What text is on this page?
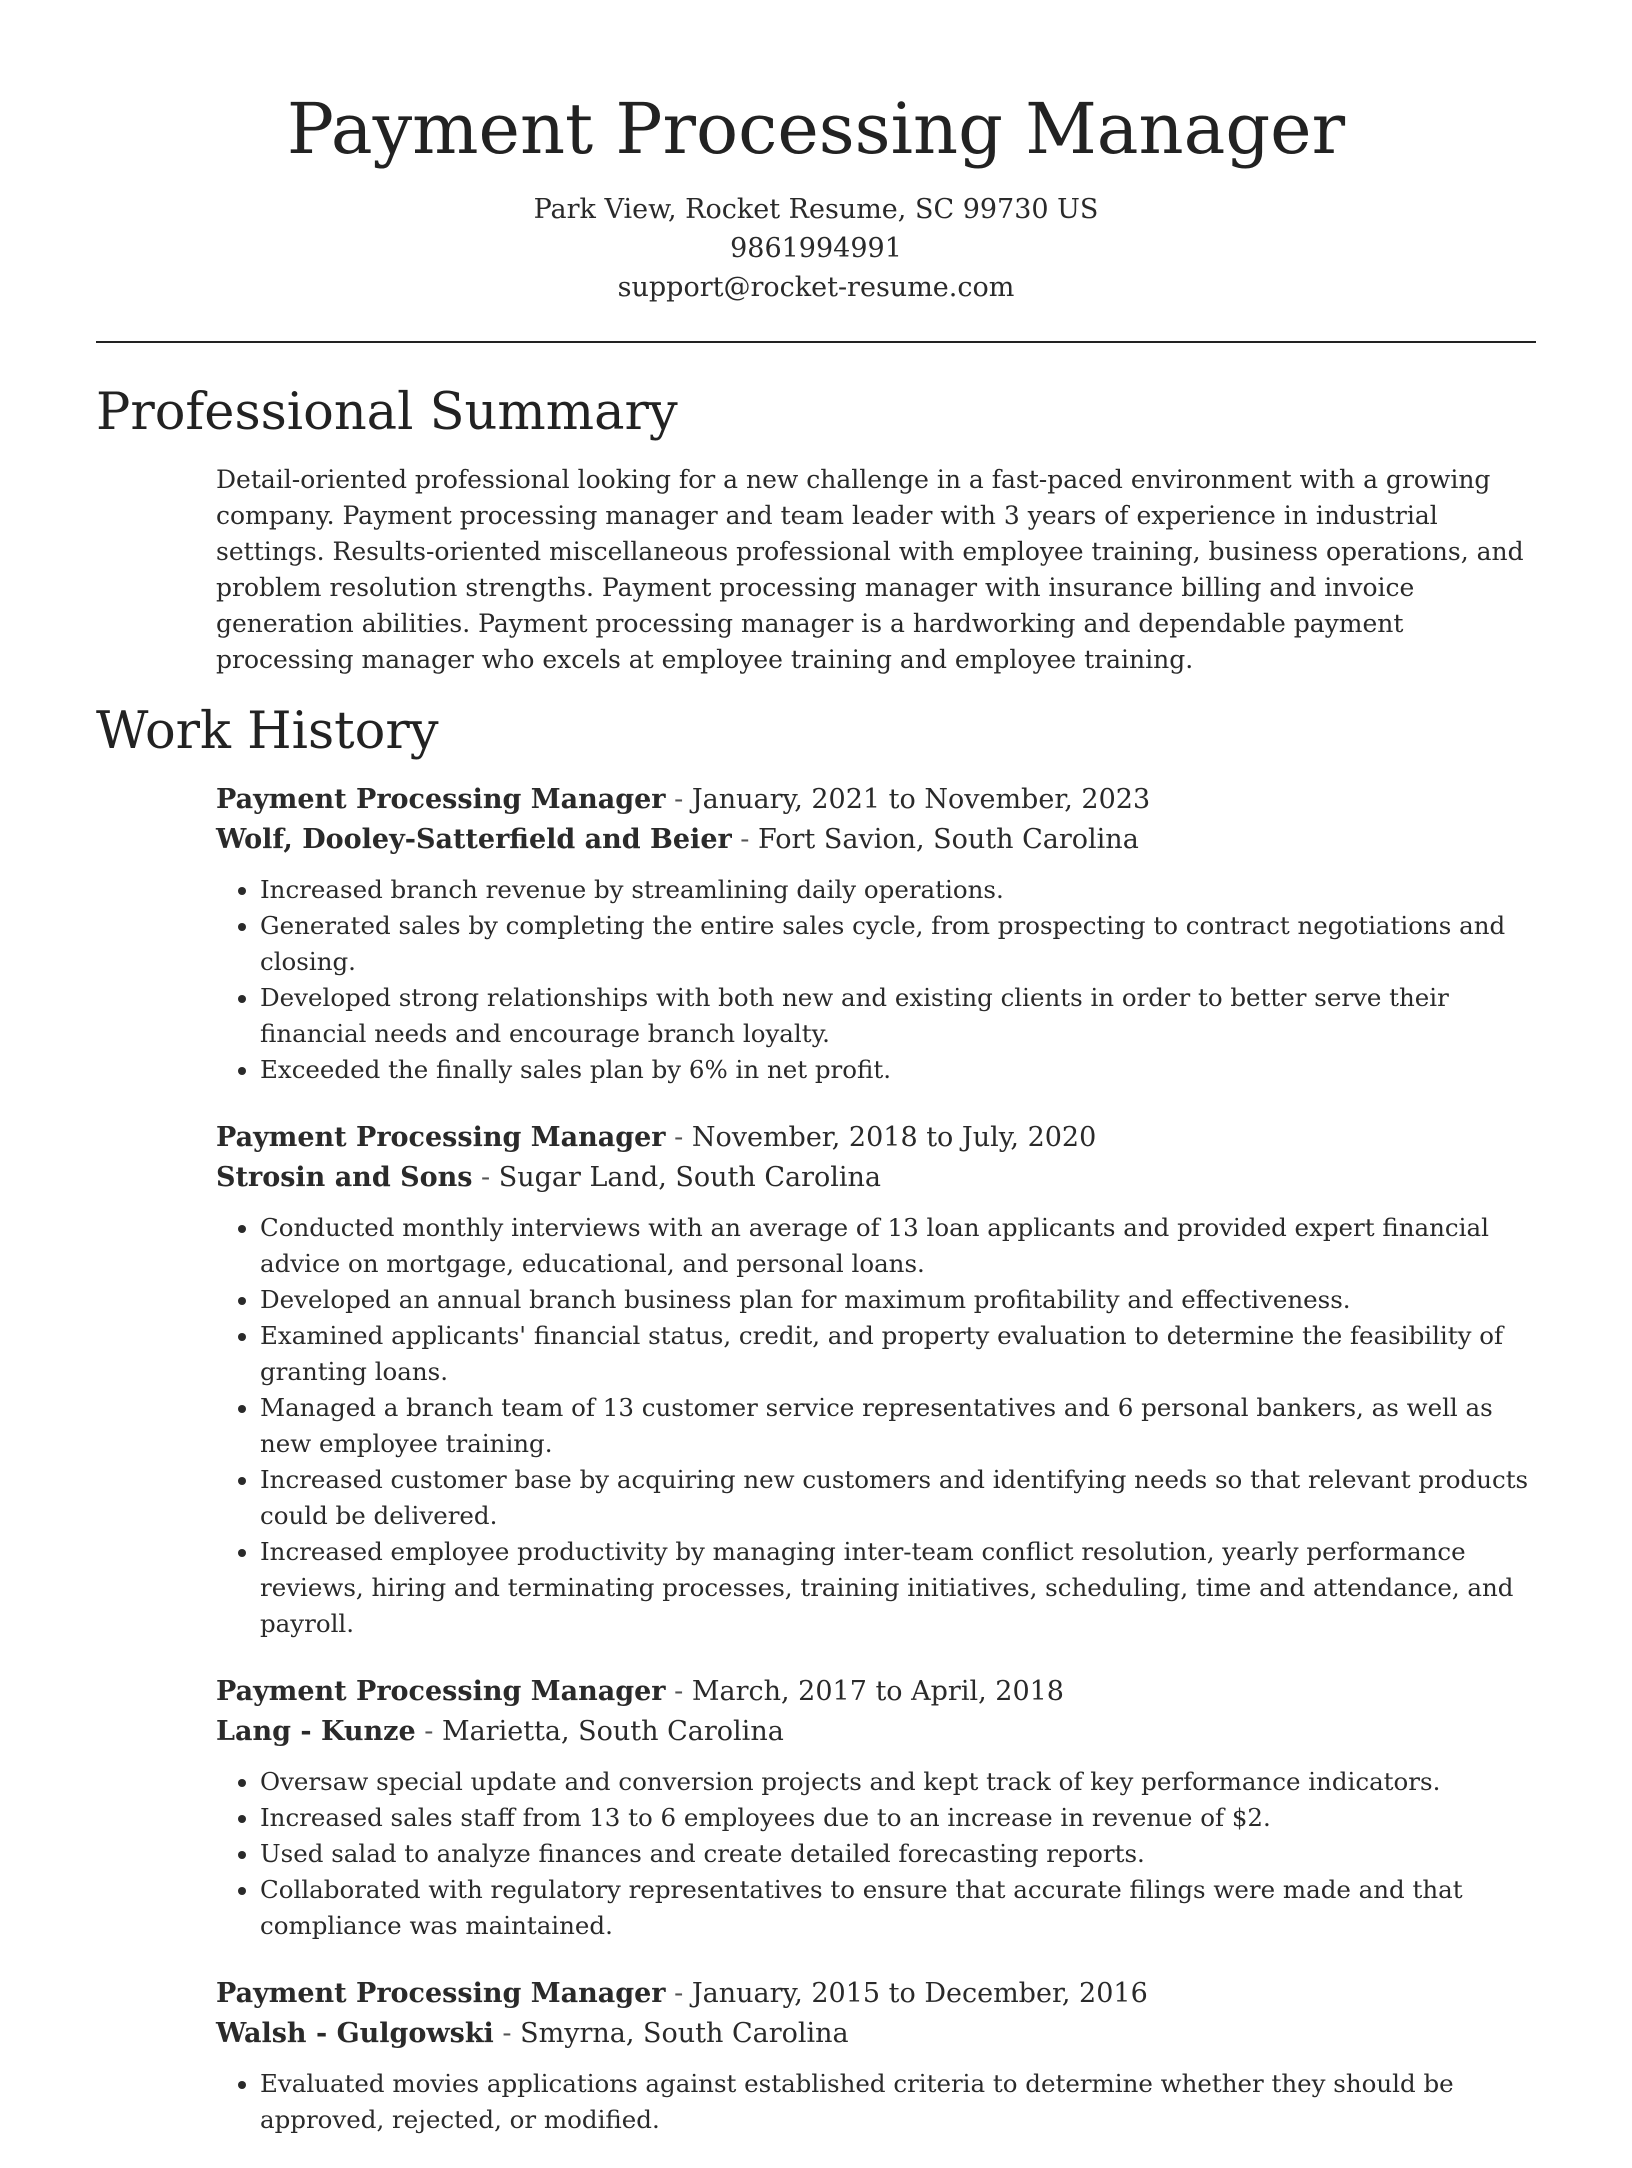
Payment Processing Manager
Park View, Rocket Resume, SC 99730 US
9861994991
support@rocket-resume.com
Professional Summary

Detail-oriented professional looking for a new challenge in a fast-paced environment with a growing company. Payment processing manager and team leader with 3 years of experience in industrial settings. Results-oriented miscellaneous professional with employee training, business operations, and problem resolution strengths. Payment processing manager with insurance billing and invoice generation abilities. Payment processing manager is a hardworking and dependable payment processing manager who excels at employee training and employee training.

Work History
Payment Processing Manager - January, 2021 to November, 2023
Wolf, Dooley-Satterfield and Beier - Fort Savion, South Carolina
• Increased branch revenue by streamlining daily operations.
• Generated sales by completing the entire sales cycle, from prospecting to contract negotiations and closing.
• Developed strong relationships with both new and existing clients in order to better serve their financial needs and encourage branch loyalty.
• Exceeded the finally sales plan by 6% in net profit.
Payment Processing Manager - November, 2018 to July, 2020
Strosin and Sons - Sugar Land, South Carolina
• Conducted monthly interviews with an average of 13 loan applicants and provided expert financial advice on mortgage, educational, and personal loans.
• Developed an annual branch business plan for maximum profitability and effectiveness.
• Examined applicants' financial status, credit, and property evaluation to determine the feasibility of granting loans.
• Managed a branch team of 13 customer service representatives and 6 personal bankers, as well as new employee training.
• Increased customer base by acquiring new customers and identifying needs so that relevant products could be delivered.
• Increased employee productivity by managing inter-team conflict resolution, yearly performance reviews, hiring and terminating processes, training initiatives, scheduling, time and attendance, and payroll.
Payment Processing Manager - March, 2017 to April, 2018
Lang - Kunze - Marietta, South Carolina
• Oversaw special update and conversion projects and kept track of key performance indicators.
• Increased sales staff from 13 to 6 employees due to an increase in revenue of $2.
• Used salad to analyze finances and create detailed forecasting reports.
• Collaborated with regulatory representatives to ensure that accurate filings were made and that compliance was maintained.
Payment Processing Manager - January, 2015 to December, 2016
Walsh - Gulgowski - Smyrna, South Carolina
• Evaluated movies applications against established criteria to determine whether they should be approved, rejected, or modified.
